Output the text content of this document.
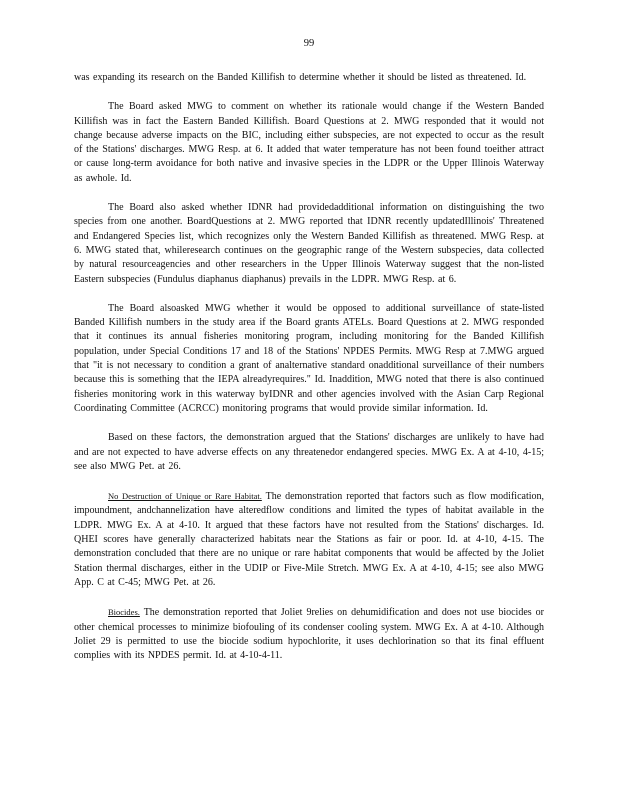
99

was expanding its research on the Banded Killifish to determine whether it should be listed as threatened. Id.

The Board asked MWG to comment on whether its rationale would change if the Western Banded Killifish was in fact the Eastern Banded Killifish. Board Questions at 2. MWG responded that it would not change because adverse impacts on the BIC, including either subspecies, are not expected to occur as the result of the Stations' discharges. MWG Resp. at 6. It added that water temperature has not been found toeither attract or cause long-term avoidance for both native and invasive species in the LDPR or the Upper Illinois Waterway as awhole. Id.

The Board also asked whether IDNR had providedadditional information on distinguishing the two species from one another. BoardQuestions at 2. MWG reported that IDNR recently updatedIllinois' Threatened and Endangered Species list, which recognizes only the Western Banded Killifish as threatened. MWG Resp. at 6. MWG stated that, whileresearch continues on the geographic range of the Western subspecies, data collected by natural resourceagencies and other researchers in the Upper Illinois Waterway suggest that the non-listed Eastern subspecies (Fundulus diaphanus diaphanus) prevails in the LDPR. MWG Resp. at 6.

The Board alsoasked MWG whether it would be opposed to additional surveillance of state-listed Banded Killifish numbers in the study area if the Board grants ATELs. Board Questions at 2. MWG responded that it continues its annual fisheries monitoring program, including monitoring for the Banded Killifish population, under Special Conditions 17 and 18 of the Stations' NPDES Permits. MWG Resp at 7.MWG argued that "it is not necessary to condition a grant of analternative standard onadditional surveillance of their numbers because this is something that the IEPA alreadyrequires." Id. Inaddition, MWG noted that there is also continued fisheries monitoring work in this waterway byIDNR and other agencies involved with the Asian Carp Regional Coordinating Committee (ACRCC) monitoring programs that would provide similar information. Id.

Based on these factors, the demonstration argued that the Stations' discharges are unlikely to have had and are not expected to have adverse effects on any threatenedor endangered species. MWG Ex. A at 4-10, 4-15; see also MWG Pet. at 26.

No Destruction of Unique or Rare Habitat. The demonstration reported that factors such as flow modification, impoundment, andchannelization have alteredflow conditions and limited the types of habitat available in the LDPR. MWG Ex. A at 4-10. It argued that these factors have not resulted from the Stations' discharges. Id. QHEI scores have generally characterized habitats near the Stations as fair or poor. Id. at 4-10, 4-15. The demonstration concluded that there are no unique or rare habitat components that would be affected by the Joliet Station thermal discharges, either in the UDIP or Five-Mile Stretch. MWG Ex. A at 4-10, 4-15; see also MWG App. C at C-45; MWG Pet. at 26.

Biocides. The demonstration reported that Joliet 9relies on dehumidification and does not use biocides or other chemical processes to minimize biofouling of its condenser cooling system. MWG Ex. A at 4-10. Although Joliet 29 is permitted to use the biocide sodium hypochlorite, it uses dechlorination so that its final effluent complies with its NPDES permit. Id. at 4-10-4-11.
